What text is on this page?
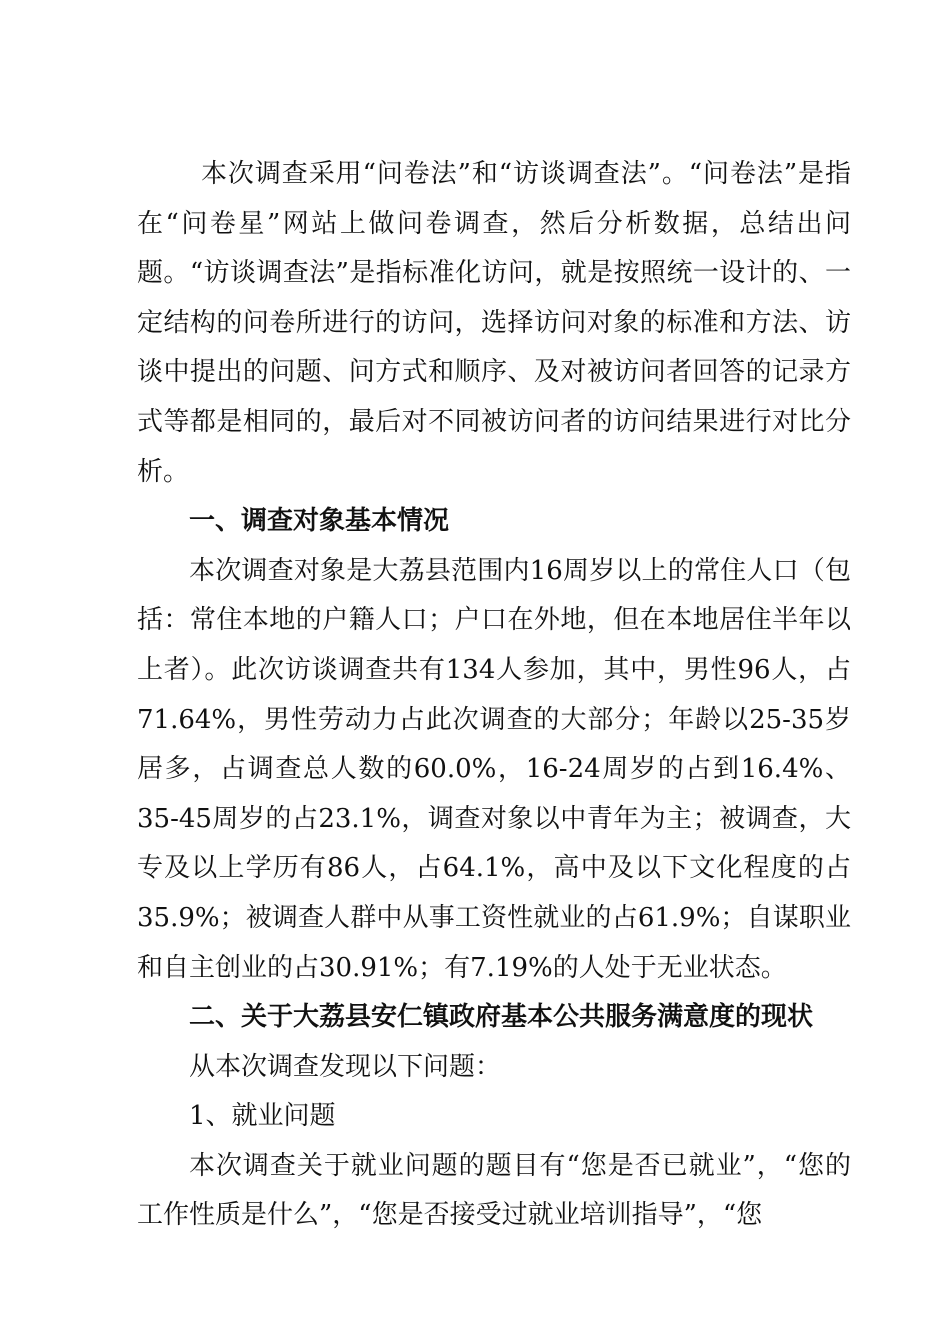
本次调查采用“问卷法”和“访谈调查法”。“问卷法”是指在“问卷星”网站上做问卷调查，然后分析数据，总结出问题。“访谈调查法”是指标准化访问，就是按照统一设计的、一定结构的问卷所进行的访问，选择访问对象的标准和方法、访谈中提出的问题、问方式和顺序、及对被访问者回答的记录方式等都是相同的，最后对不同被访问者的访问结果进行对比分析。

一、调查对象基本情况

本次调查对象是大荔县范围内16周岁以上的常住人口（包括：常住本地的户籍人口；户口在外地，但在本地居住半年以上者）。此次访谈调查共有134人参加，其中，男性96人，占71.64%，男性劳动力占此次调查的大部分；年龄以25-35岁居多，占调查总人数的60.0%，16-24周岁的占到16.4%、35-45周岁的占23.1%，调查对象以中青年为主；被调查，大专及以上学历有86人，占64.1%，高中及以下文化程度的占35.9%；被调查人群中从事工资性就业的占61.9%；自谋职业和自主创业的占30.91%；有7.19%的人处于无业状态。

二、关于大荔县安仁镇政府基本公共服务满意度的现状

从本次调查发现以下问题：

1、就业问题

本次调查关于就业问题的题目有“您是否已就业”，“您的工作性质是什么”，“您是否接受过就业培训指导”，“您
